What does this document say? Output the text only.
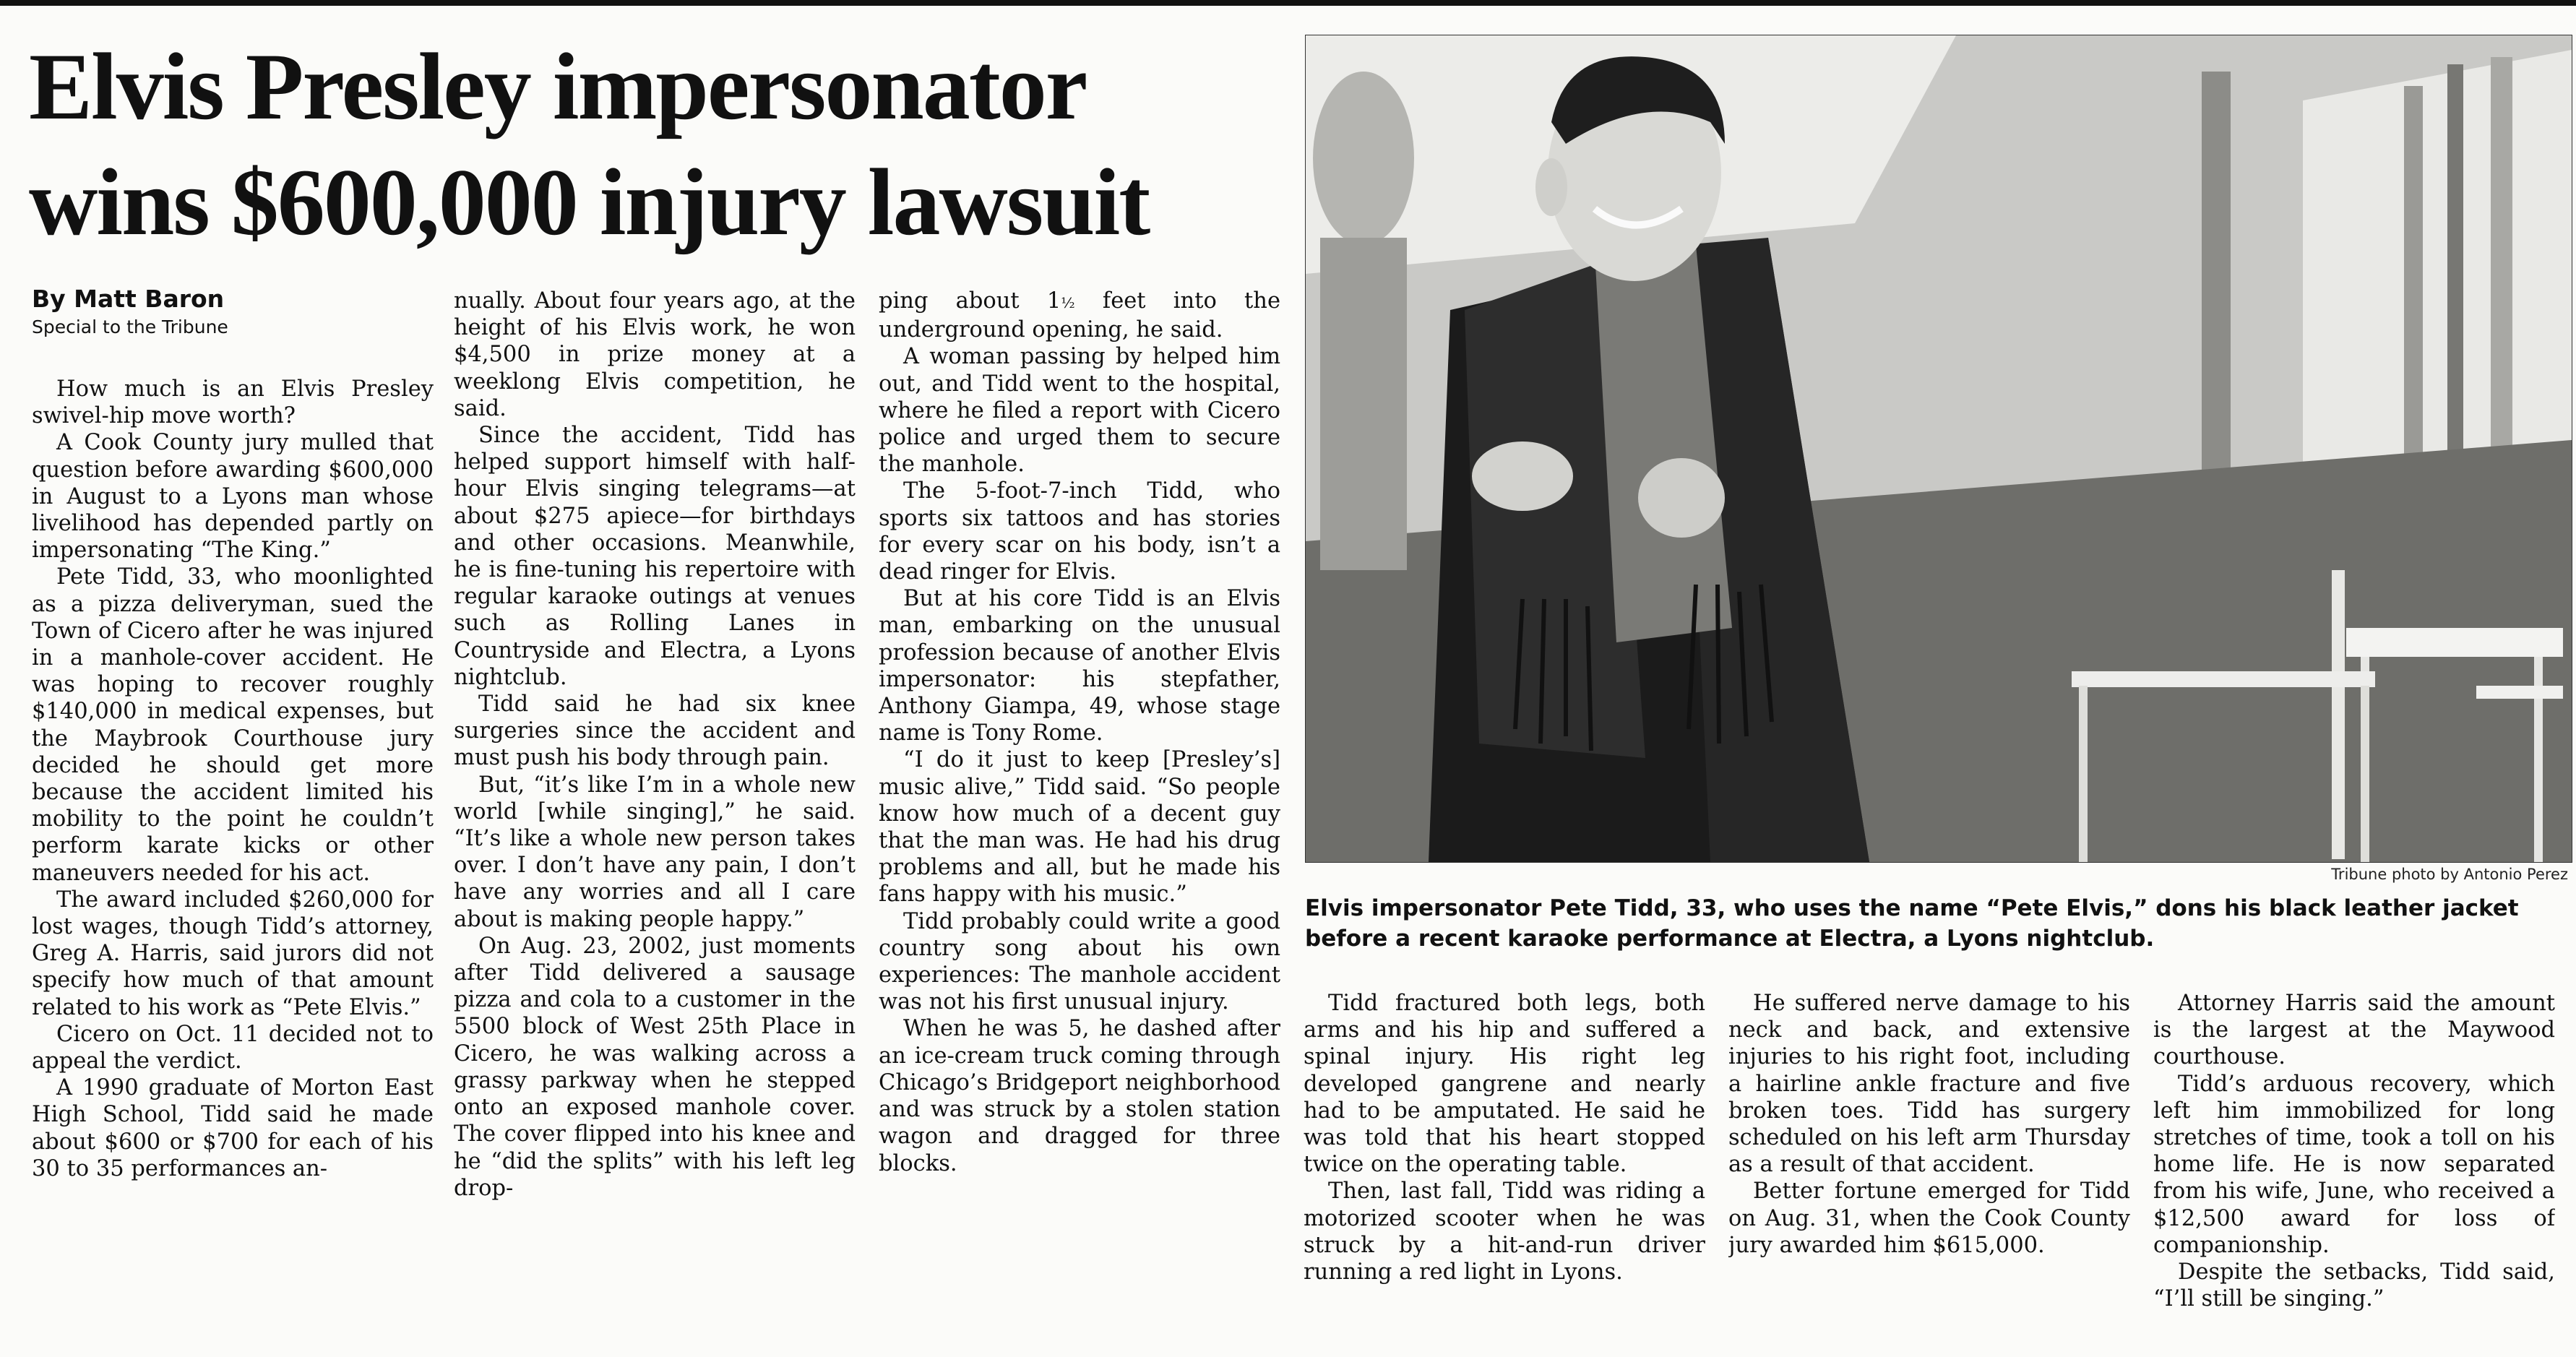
Elvis Presley impersonator
wins $600,000 injury lawsuit
By Matt Baron
Special to the Tribune

How much is an Elvis Presley swivel-hip move worth?

A Cook County jury mulled that question before awarding $600,000 in August to a Lyons man whose livelihood has depended partly on impersonating “The King.”

Pete Tidd, 33, who moonlighted as a pizza deliveryman, sued the Town of Cicero after he was injured in a manhole-cover accident. He was hoping to recover roughly $140,000 in medical expenses, but the Maybrook Courthouse jury decided he should get more because the accident limited his mobility to the point he couldn’t perform karate kicks or other maneuvers needed for his act.

The award included $260,000 for lost wages, though Tidd’s attorney, Greg A. Harris, said jurors did not specify how much of that amount related to his work as “Pete Elvis.”

Cicero on Oct. 11 decided not to appeal the verdict.

A 1990 graduate of Morton East High School, Tidd said he made about $600 or $700 for each of his 30 to 35 performances an-

nually. About four years ago, at the height of his Elvis work, he won $4,500 in prize money at a weeklong Elvis competition, he said.

Since the accident, Tidd has helped support himself with half-hour Elvis singing telegrams—at about $275 apiece—for birthdays and other occasions. Meanwhile, he is fine-tuning his repertoire with regular karaoke outings at venues such as Rolling Lanes in Countryside and Electra, a Lyons nightclub.

Tidd said he had six knee surgeries since the accident and must push his body through pain.

But, “it’s like I’m in a whole new world [while singing],” he said. “It’s like a whole new person takes over. I don’t have any pain, I don’t have any worries and all I care about is making people happy.”

On Aug. 23, 2002, just moments after Tidd delivered a sausage pizza and cola to a customer in the 5500 block of West 25th Place in Cicero, he was walking across a grassy parkway when he stepped onto an exposed manhole cover. The cover flipped into his knee and he “did the splits” with his left leg drop-

ping about 1½ feet into the underground opening, he said.

A woman passing by helped him out, and Tidd went to the hospital, where he filed a report with Cicero police and urged them to secure the manhole.

The 5-foot-7-inch Tidd, who sports six tattoos and has stories for every scar on his body, isn’t a dead ringer for Elvis.

But at his core Tidd is an Elvis man, embarking on the unusual profession because of another Elvis impersonator: his stepfather, Anthony Giampa, 49, whose stage name is Tony Rome.

“I do it just to keep [Presley’s] music alive,” Tidd said. “So people know how much of a decent guy that the man was. He had his drug problems and all, but he made his fans happy with his music.”

Tidd probably could write a good country song about his own experiences: The manhole accident was not his first unusual injury.

When he was 5, he dashed after an ice-cream truck coming through Chicago’s Bridgeport neighborhood and was struck by a stolen station wagon and dragged for three blocks.

Tribune photo by Antonio Perez

Elvis impersonator Pete Tidd, 33, who uses the name “Pete Elvis,” dons his black leather jacket before a recent karaoke performance at Electra, a Lyons nightclub.

Tidd fractured both legs, both arms and his hip and suffered a spinal injury. His right leg developed gangrene and nearly had to be amputated. He said he was told that his heart stopped twice on the operating table.

Then, last fall, Tidd was riding a motorized scooter when he was struck by a hit-and-run driver running a red light in Lyons.

He suffered nerve damage to his neck and back, and extensive injuries to his right foot, including a hairline ankle fracture and five broken toes. Tidd has surgery scheduled on his left arm Thursday as a result of that accident.

Better fortune emerged for Tidd on Aug. 31, when the Cook County jury awarded him $615,000.

Attorney Harris said the amount is the largest at the Maywood courthouse.

Tidd’s arduous recovery, which left him immobilized for long stretches of time, took a toll on his home life. He is now separated from his wife, June, who received a $12,500 award for loss of companionship.

Despite the setbacks, Tidd said, “I’ll still be singing.”
